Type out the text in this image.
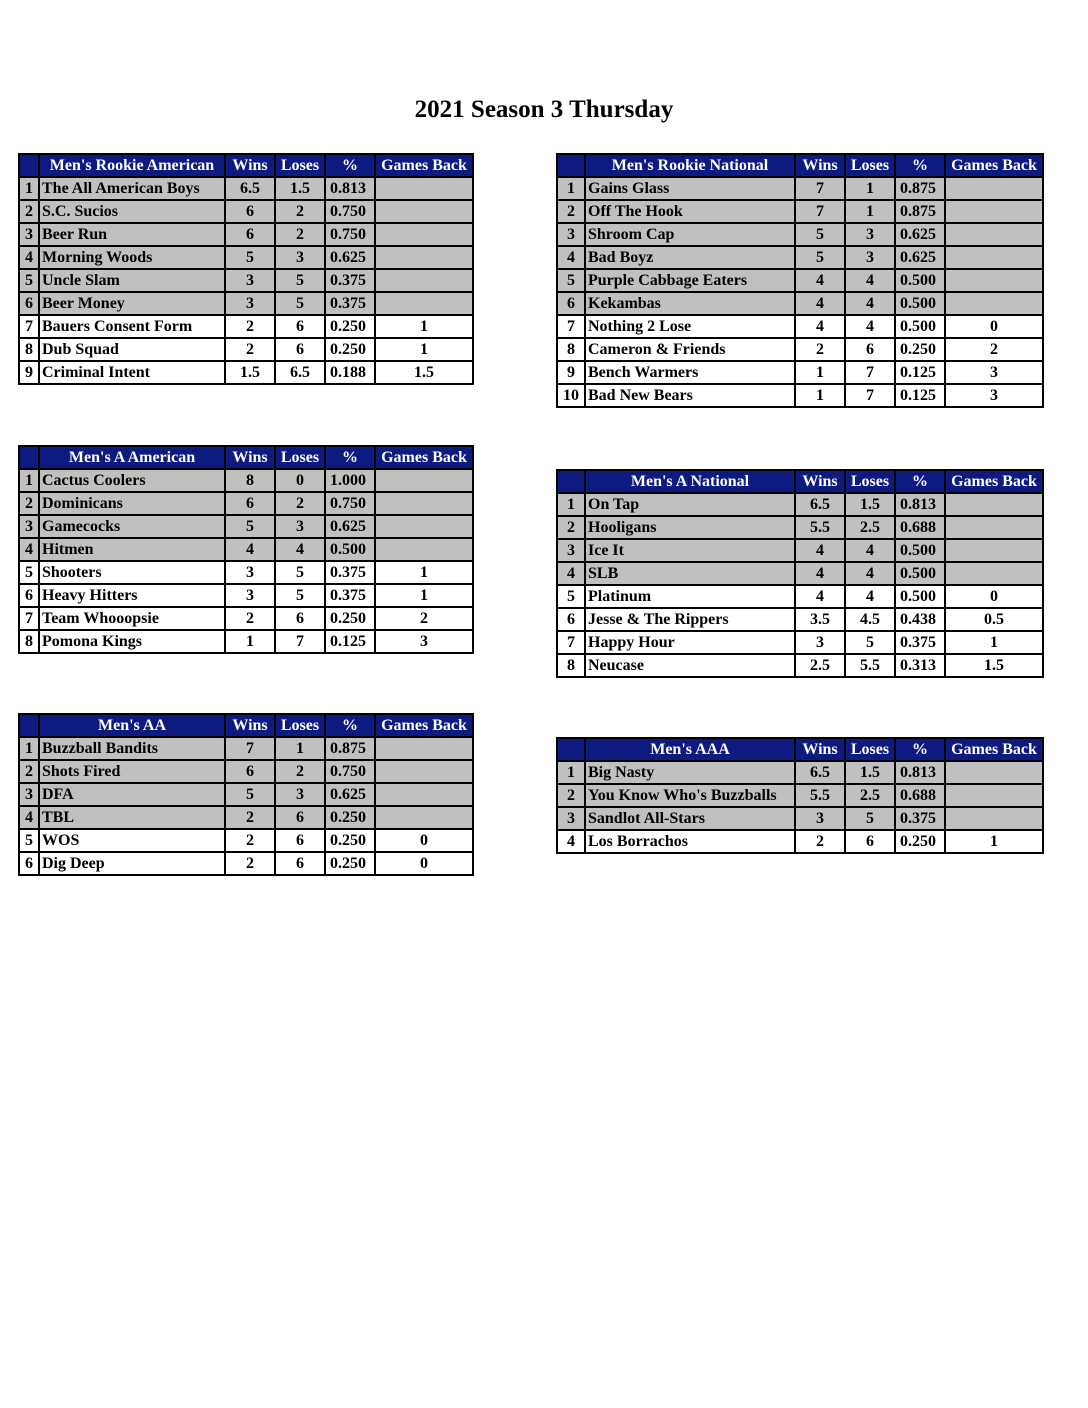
2021 Season 3 Thursday
	Men's Rookie American	Wins	Loses	%	Games Back
1	The All American Boys	6.5	1.5	0.813	
2	S.C. Sucios	6	2	0.750	
3	Beer Run	6	2	0.750	
4	Morning Woods	5	3	0.625	
5	Uncle Slam	3	5	0.375	
6	Beer Money	3	5	0.375	
7	Bauers Consent Form	2	6	0.250	1
8	Dub Squad	2	6	0.250	1
9	Criminal Intent	1.5	6.5	0.188	1.5
	Men's Rookie National	Wins	Loses	%	Games Back
1	Gains Glass	7	1	0.875	
2	Off The Hook	7	1	0.875	
3	Shroom Cap	5	3	0.625	
4	Bad Boyz	5	3	0.625	
5	Purple Cabbage Eaters	4	4	0.500	
6	Kekambas	4	4	0.500	
7	Nothing 2 Lose	4	4	0.500	0
8	Cameron & Friends	2	6	0.250	2
9	Bench Warmers	1	7	0.125	3
10	Bad New Bears	1	7	0.125	3
	Men's A American	Wins	Loses	%	Games Back
1	Cactus Coolers	8	0	1.000	
2	Dominicans	6	2	0.750	
3	Gamecocks	5	3	0.625	
4	Hitmen	4	4	0.500	
5	Shooters	3	5	0.375	1
6	Heavy Hitters	3	5	0.375	1
7	Team Whooopsie	2	6	0.250	2
8	Pomona Kings	1	7	0.125	3
	Men's A National	Wins	Loses	%	Games Back
1	On Tap	6.5	1.5	0.813	
2	Hooligans	5.5	2.5	0.688	
3	Ice It	4	4	0.500	
4	SLB	4	4	0.500	
5	Platinum	4	4	0.500	0
6	Jesse & The Rippers	3.5	4.5	0.438	0.5
7	Happy Hour	3	5	0.375	1
8	Neucase	2.5	5.5	0.313	1.5
	Men's AA	Wins	Loses	%	Games Back
1	Buzzball Bandits	7	1	0.875	
2	Shots Fired	6	2	0.750	
3	DFA	5	3	0.625	
4	TBL	2	6	0.250	
5	WOS	2	6	0.250	0
6	Dig Deep	2	6	0.250	0
	Men's AAA	Wins	Loses	%	Games Back
1	Big Nasty	6.5	1.5	0.813	
2	You Know Who's Buzzballs	5.5	2.5	0.688	
3	Sandlot All-Stars	3	5	0.375	
4	Los Borrachos	2	6	0.250	1
